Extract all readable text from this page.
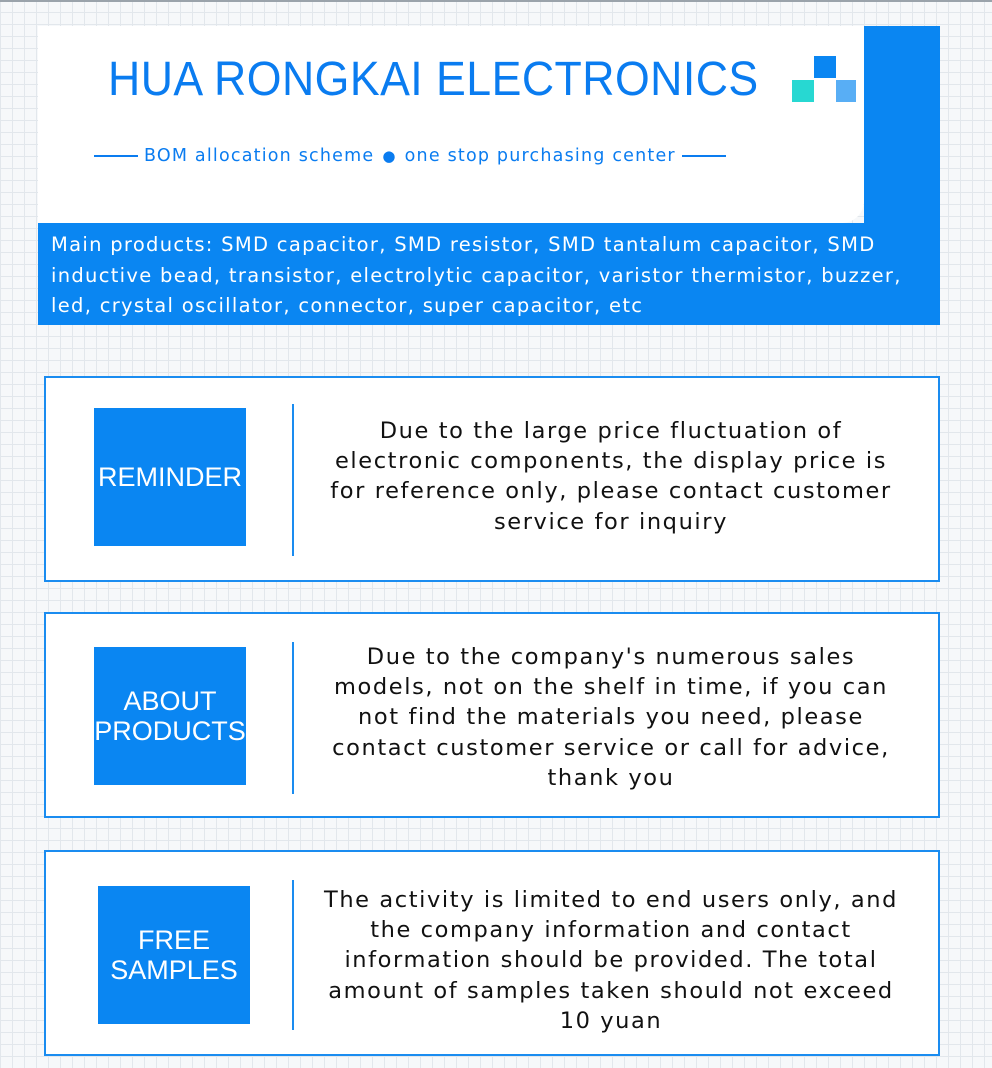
HUA RONGKAI ELECTRONICS
BOM allocation scheme ● one stop purchasing center
Main products: SMD capacitor, SMD resistor, SMD tantalum capacitor, SMD inductive bead, transistor, electrolytic capacitor, varistor thermistor, buzzer, led, crystal oscillator, connector, super capacitor, etc
REMINDER
Due to the large price fluctuation of electronic components, the display price is for reference only, please contact customer service for inquiry
ABOUT PRODUCTS
Due to the company's numerous sales models, not on the shelf in time, if you can not find the materials you need, please contact customer service or call for advice, thank you
FREE SAMPLES
The activity is limited to end users only, and the company information and contact information should be provided. The total amount of samples taken should not exceed 10 yuan
